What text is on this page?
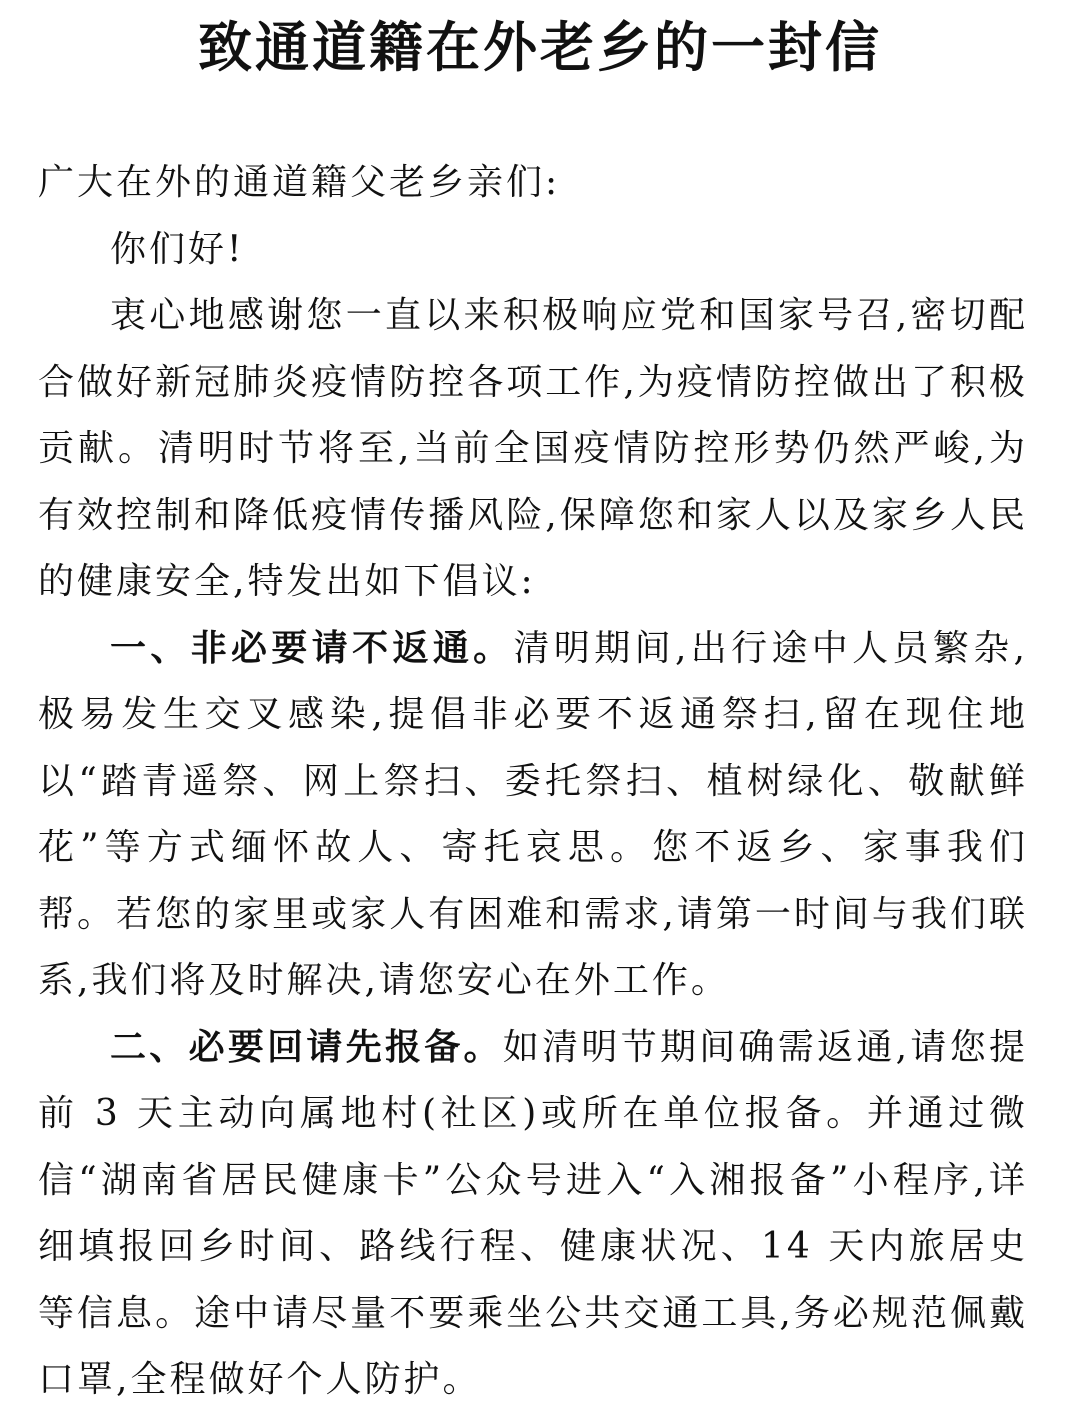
致通道籍在外老乡的一封信

广大在外的通道籍父老乡亲们:

你们好!

衷心地感谢您一直以来积极响应党和国家号召,密切配合做好新冠肺炎疫情防控各项工作,为疫情防控做出了积极贡献。清明时节将至,当前全国疫情防控形势仍然严峻,为有效控制和降低疫情传播风险,保障您和家人以及家乡人民的健康安全,特发出如下倡议:

一、非必要请不返通。清明期间,出行途中人员繁杂,极易发生交叉感染,提倡非必要不返通祭扫,留在现住地以“踏青遥祭、网上祭扫、委托祭扫、植树绿化、敬献鲜花”等方式缅怀故人、寄托哀思。您不返乡、家事我们帮。若您的家里或家人有困难和需求,请第一时间与我们联系,我们将及时解决,请您安心在外工作。

二、必要回请先报备。如清明节期间确需返通,请您提前 3 天主动向属地村(社区)或所在单位报备。并通过微信“湖南省居民健康卡”公众号进入“入湘报备”小程序,详细填报回乡时间、路线行程、健康状况、14 天内旅居史等信息。途中请尽量不要乘坐公共交通工具,务必规范佩戴口罩,全程做好个人防护。
